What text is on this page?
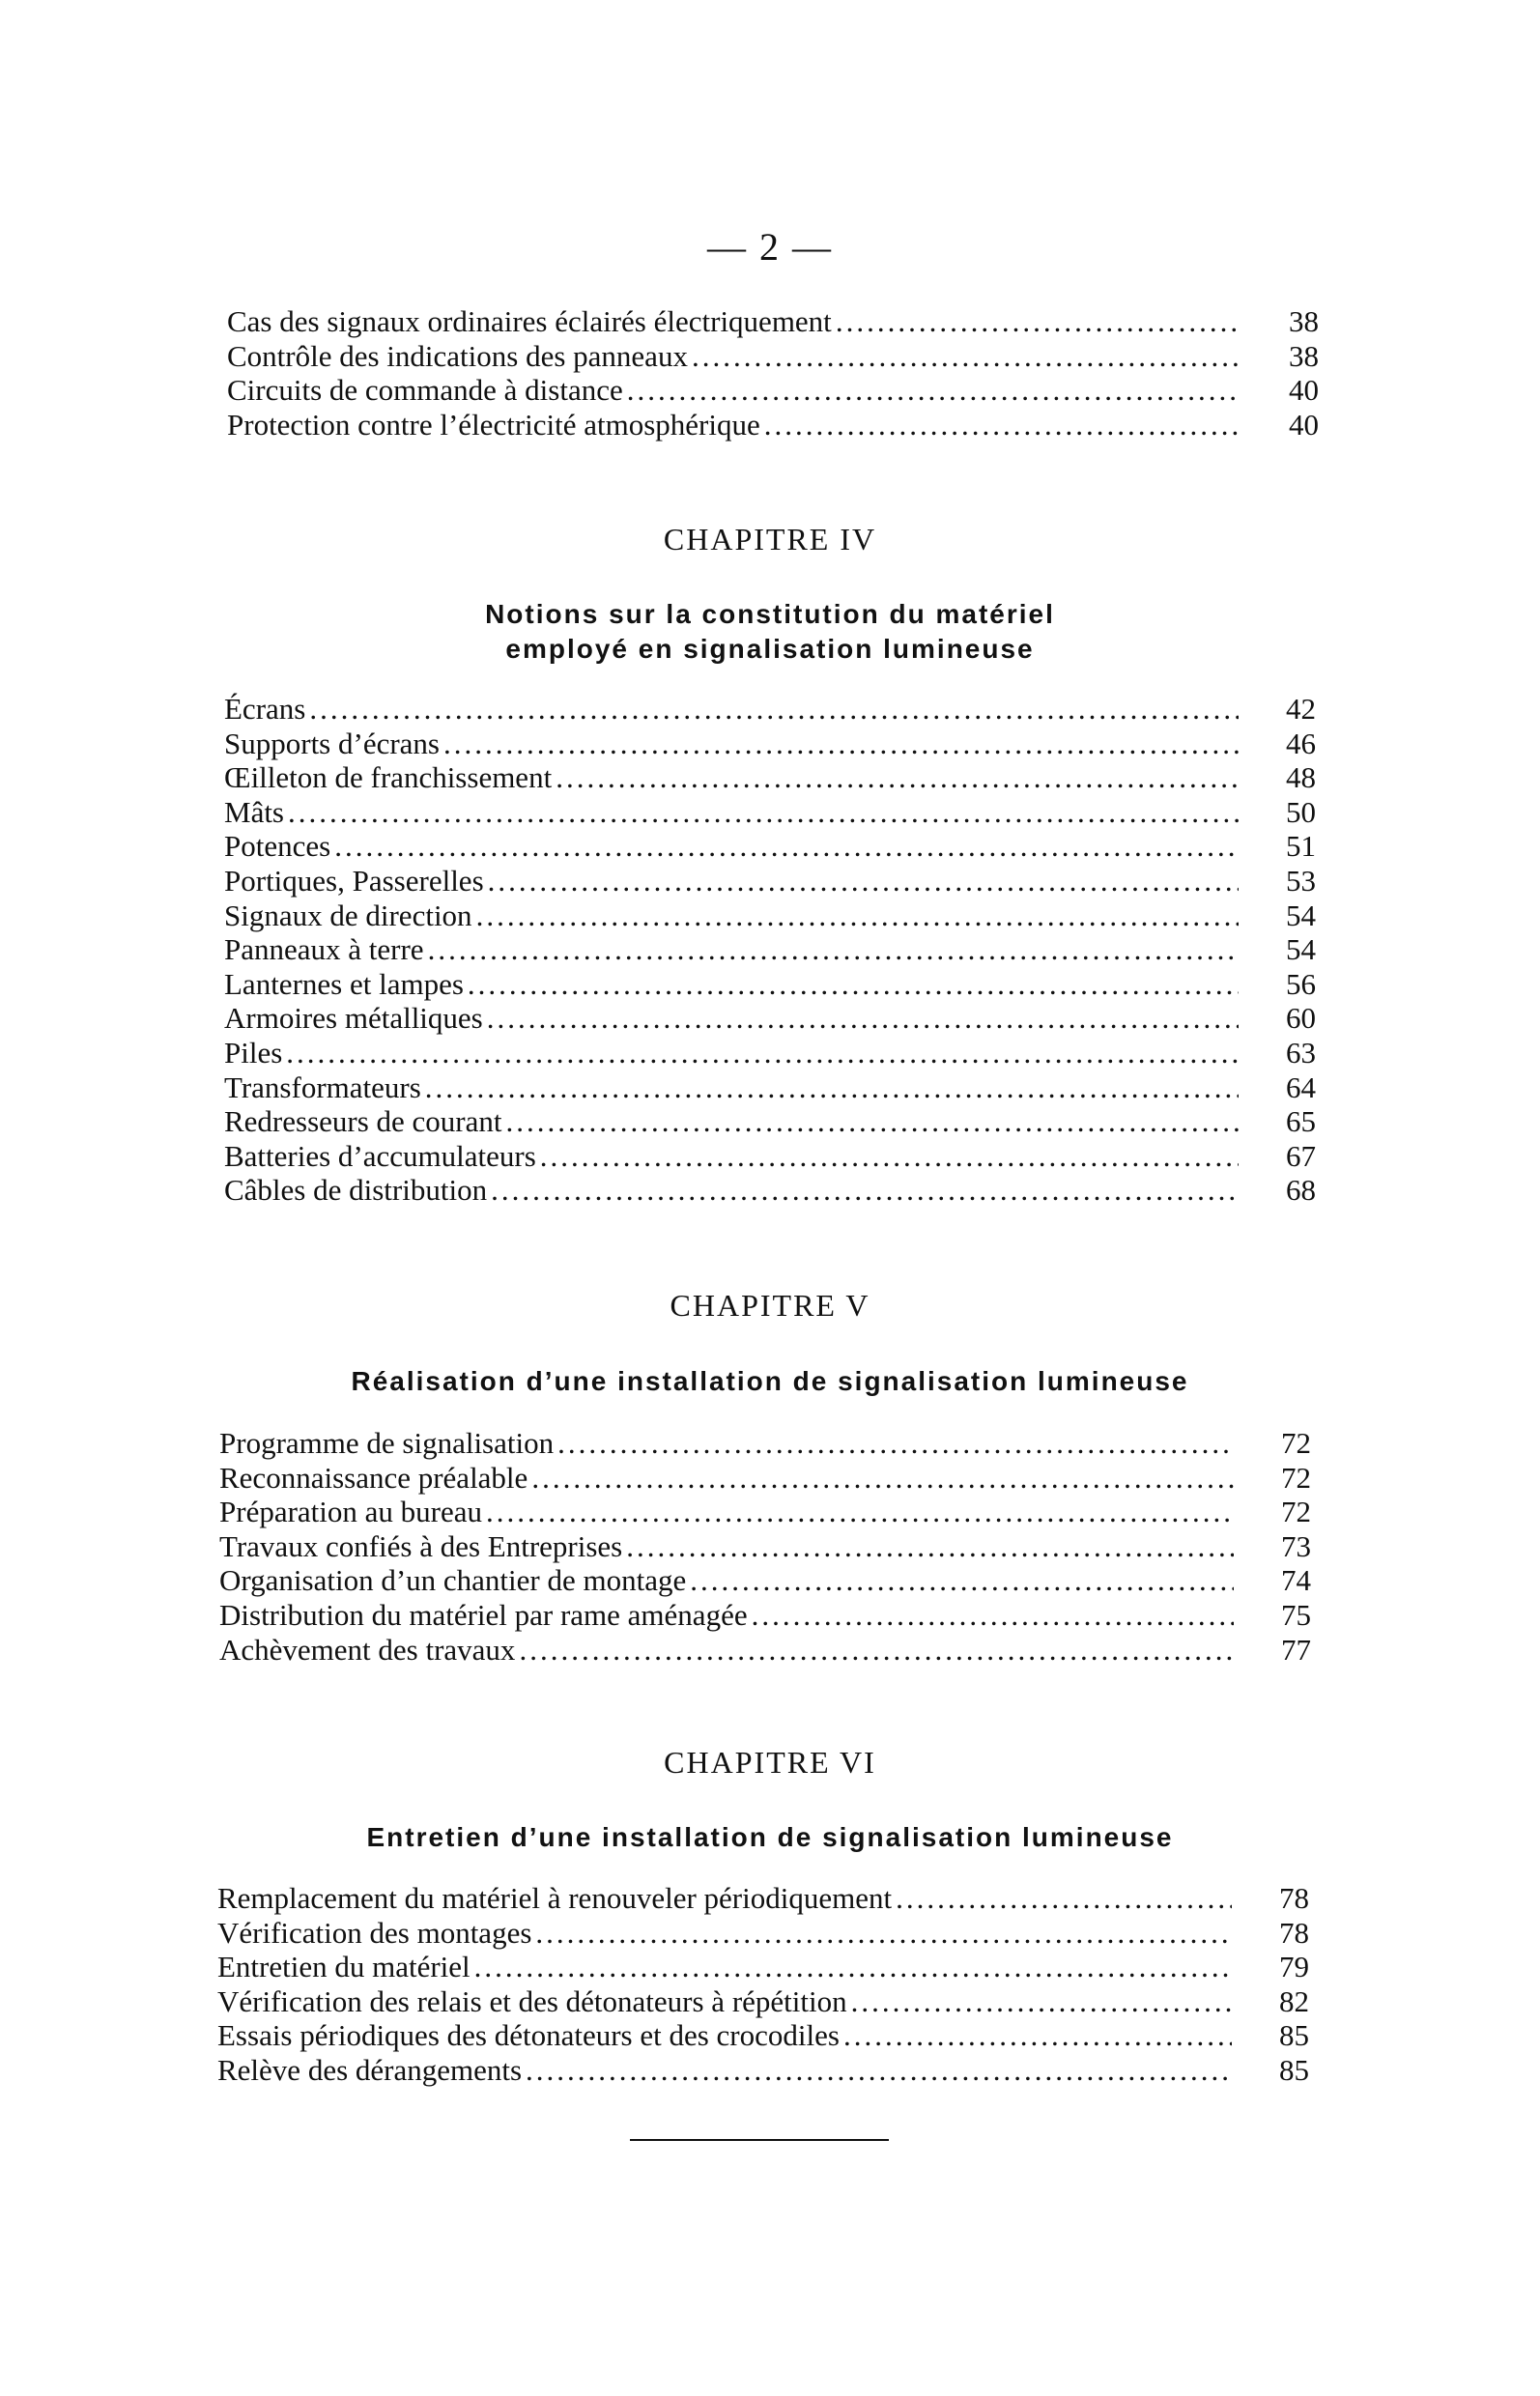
— 2 —
Cas des signaux ordinaires éclairés électriquement .....	38
Contrôle des indications des panneaux .....	38
Circuits de commande à distance .....	40
Protection contre l’électricité atmosphérique .....	40
CHAPITRE IV
Notions sur la constitution du matériel
employé en signalisation lumineuse
Écrans .....	42
Supports d’écrans .....	46
Œilleton de franchissement .....	48
Mâts .....	50
Potences .....	51
Portiques, Passerelles .....	53
Signaux de direction .....	54
Panneaux à terre .....	54
Lanternes et lampes .....	56
Armoires métalliques .....	60
Piles .....	63
Transformateurs .....	64
Redresseurs de courant .....	65
Batteries d’accumulateurs .....	67
Câbles de distribution .....	68
CHAPITRE V
Réalisation d’une installation de signalisation lumineuse
Programme de signalisation .....	72
Reconnaissance préalable .....	72
Préparation au bureau .....	72
Travaux confiés à des Entreprises .....	73
Organisation d’un chantier de montage .....	74
Distribution du matériel par rame aménagée .....	75
Achèvement des travaux .....	77
CHAPITRE VI
Entretien d’une installation de signalisation lumineuse
Remplacement du matériel à renouveler périodiquement .....	78
Vérification des montages .....	78
Entretien du matériel .....	79
Vérification des relais et des détonateurs à répétition .....	82
Essais périodiques des détonateurs et des crocodiles .....	85
Relève des dérangements .....	85
